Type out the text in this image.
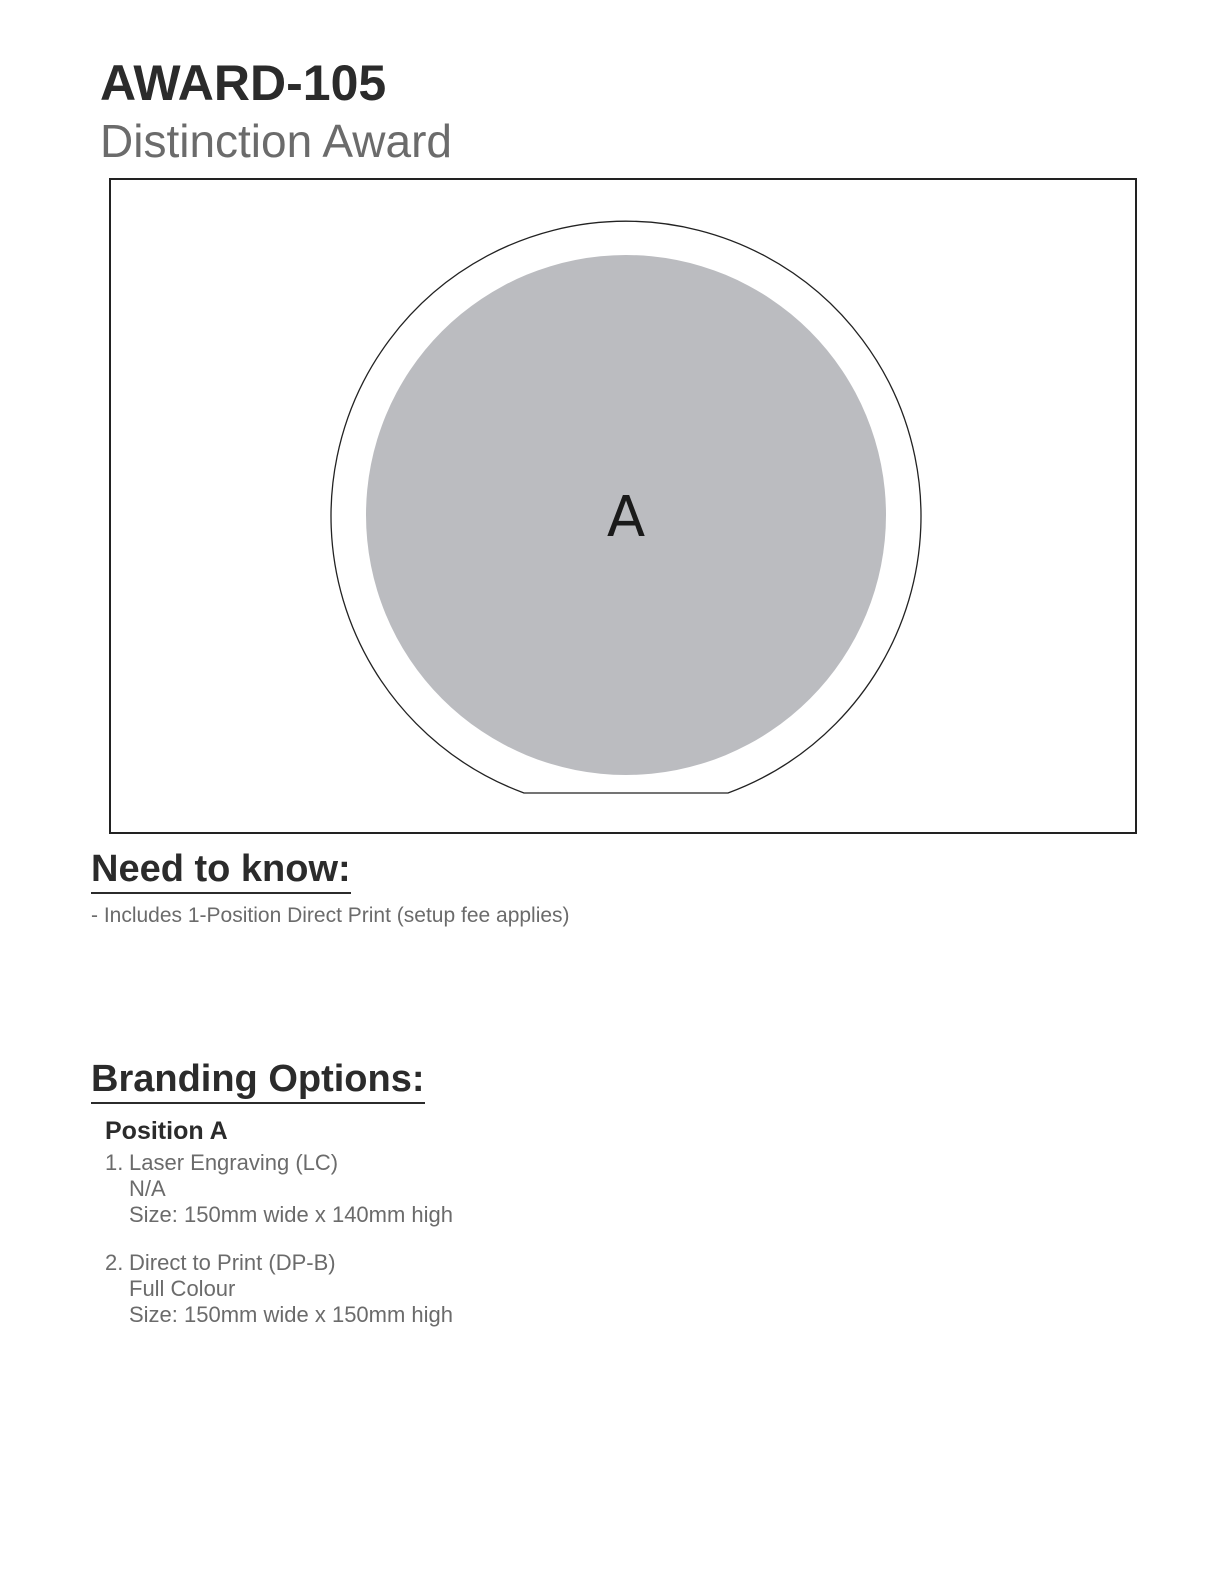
AWARD-105
Distinction Award
A
Need to know:
- Includes 1-Position Direct Print (setup fee applies)
Branding Options:
Position A
1. Laser Engraving (LC)
N/A
Size: 150mm wide x 140mm high
2. Direct to Print (DP-B)
Full Colour
Size: 150mm wide x 150mm high
